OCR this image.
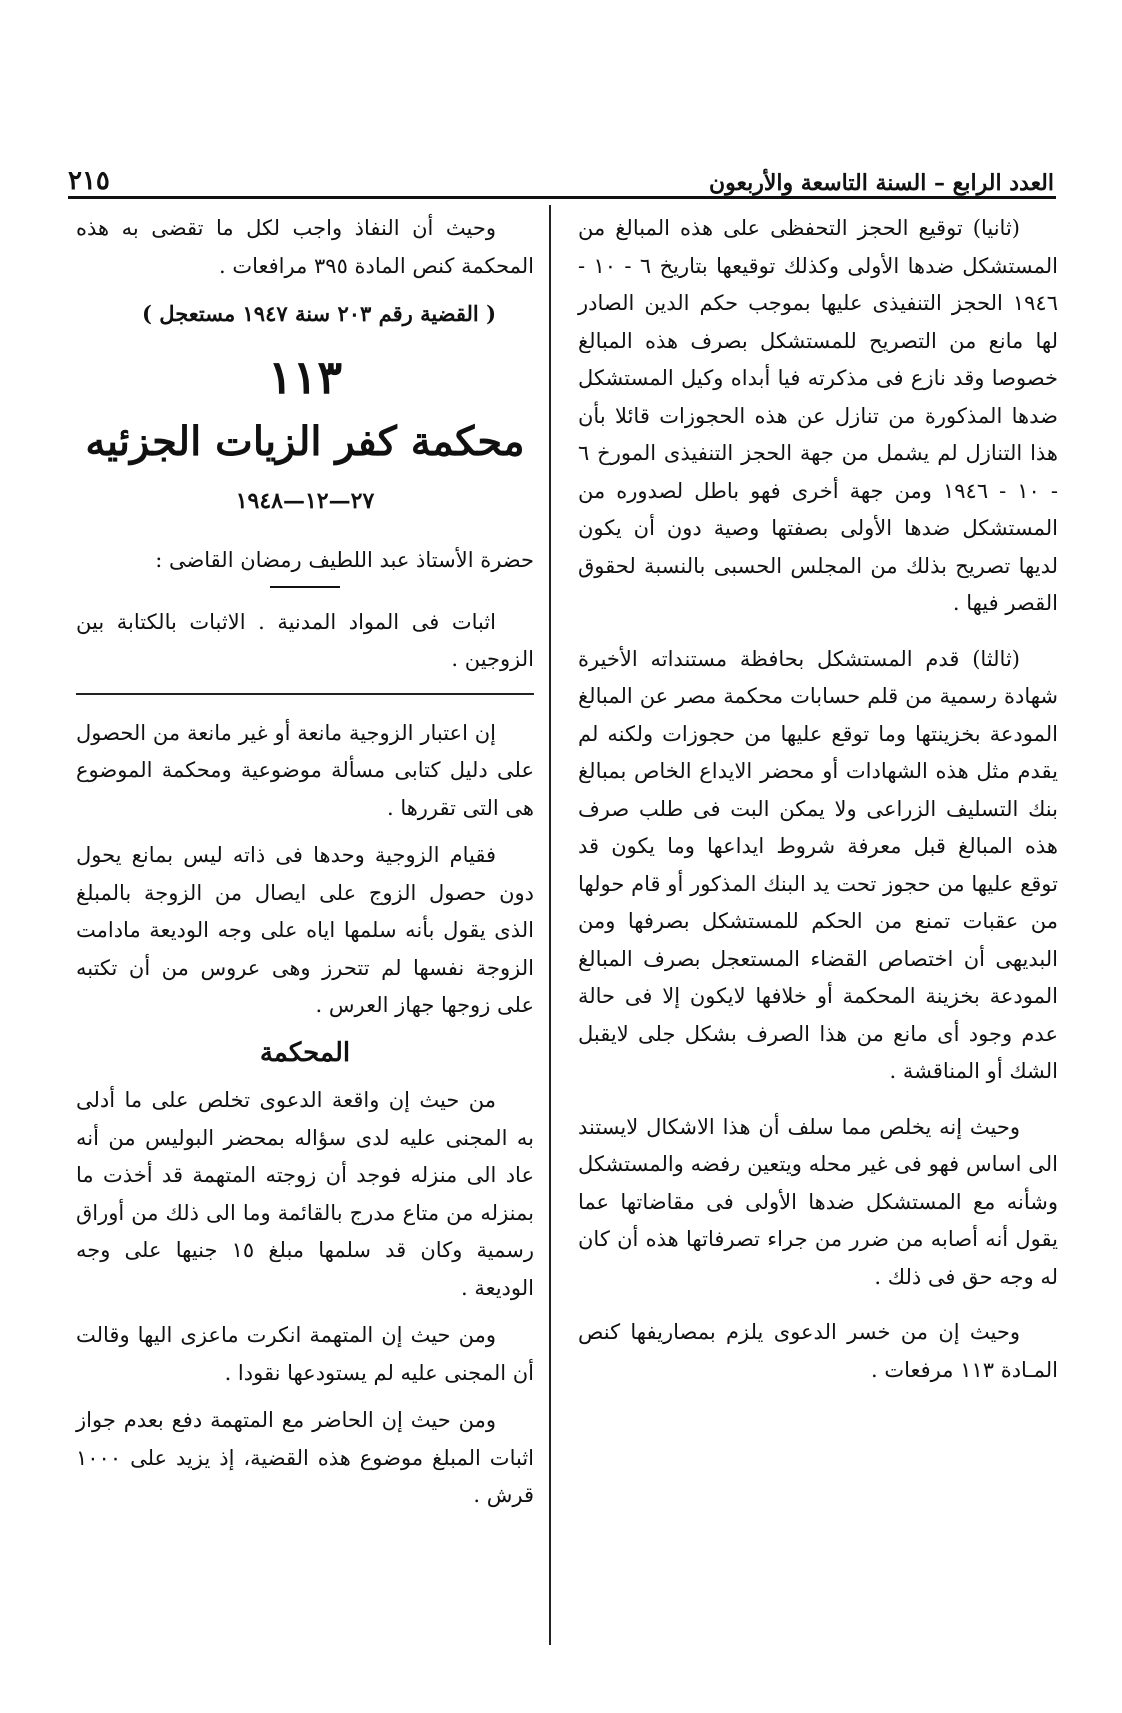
العدد الرابع – السنة التاسعة والأربعون
٢١٥

(ثانيا) توقيع الحجز التحفظى على هذه المبالغ من المستشكل ضدها الأولى وكذلك توقيعها بتاريخ ٦ - ١٠ - ١٩٤٦ الحجز التنفيذى عليها بموجب حكم الدين الصادر لها مانع من التصريح للمستشكل بصرف هذه المبالغ خصوصا وقد نازع فى مذكرته فيا أبداه وكيل المستشكل ضدها المذكورة من تنازل عن هذه الحجوزات قائلا بأن هذا التنازل لم يشمل من جهة الحجز التنفيذى المورخ ٦ - ١٠ - ١٩٤٦ ومن جهة أخرى فهو باطل لصدوره من المستشكل ضدها الأولى بصفتها وصية دون أن يكون لديها تصريح بذلك من المجلس الحسبى بالنسبة لحقوق القصر فيها .

(ثالثا) قدم المستشكل بحافظة مستنداته الأخيرة شهادة رسمية من قلم حسابات محكمة مصر عن المبالغ المودعة بخزينتها وما توقع عليها من حجوزات ولكنه لم يقدم مثل هذه الشهادات أو محضر الايداع الخاص بمبالغ بنك التسليف الزراعى ولا يمكن البت فى طلب صرف هذه المبالغ قبل معرفة شروط ايداعها وما يكون قد توقع عليها من حجوز تحت يد البنك المذكور أو قام حولها من عقبات تمنع من الحكم للمستشكل بصرفها ومن البديهى أن اختصاص القضاء المستعجل بصرف المبالغ المودعة بخزينة المحكمة أو خلافها لايكون إلا فى حالة عدم وجود أى مانع من هذا الصرف بشكل جلى لايقبل الشك أو المناقشة .

وحيث إنه يخلص مما سلف أن هذا الاشكال لايستند الى اساس فهو فى غير محله ويتعين رفضه والمستشكل وشأنه مع المستشكل ضدها الأولى فى مقاضاتها عما يقول أنه أصابه من ضرر من جراء تصرفاتها هذه أن كان له وجه حق فى ذلك .

وحيث إن من خسر الدعوى يلزم بمصاريفها كنص المـادة ١١٣ مرفعات .

وحيث أن النفاذ واجب لكل ما تقضى به هذه المحكمة كنص المادة ٣٩٥ مرافعات .

( القضية رقم ٢٠٣ سنة ١٩٤٧ مستعجل )

١١٣
محكمة كفر الزيات الجزئيه
٢٧—١٢—١٩٤٨

حضرة الأستاذ عبد اللطيف رمضان القاضى :

اثبات فى المواد المدنية . الاثبات بالكتابة بين الزوجين .

إن اعتبار الزوجية مانعة أو غير مانعة من الحصول على دليل كتابى مسألة موضوعية ومحكمة الموضوع هى التى تقررها .

فقيام الزوجية وحدها فى ذاته ليس بمانع يحول دون حصول الزوج على ايصال من الزوجة بالمبلغ الذى يقول بأنه سلمها اياه على وجه الوديعة مادامت الزوجة نفسها لم تتحرز وهى عروس من أن تكتبه على زوجها جهاز العرس .

المحكمة

من حيث إن واقعة الدعوى تخلص على ما أدلى به المجنى عليه لدى سؤاله بمحضر البوليس من أنه عاد الى منزله فوجد أن زوجته المتهمة قد أخذت ما بمنزله من متاع مدرج بالقائمة وما الى ذلك من أوراق رسمية وكان قد سلمها مبلغ ١٥ جنيها على وجه الوديعة .

ومن حيث إن المتهمة انكرت ماعزى اليها وقالت أن المجنى عليه لم يستودعها نقودا .

ومن حيث إن الحاضر مع المتهمة دفع بعدم جواز اثبات المبلغ موضوع هذه القضية، إذ يزيد على ١٠٠٠ قرش .
